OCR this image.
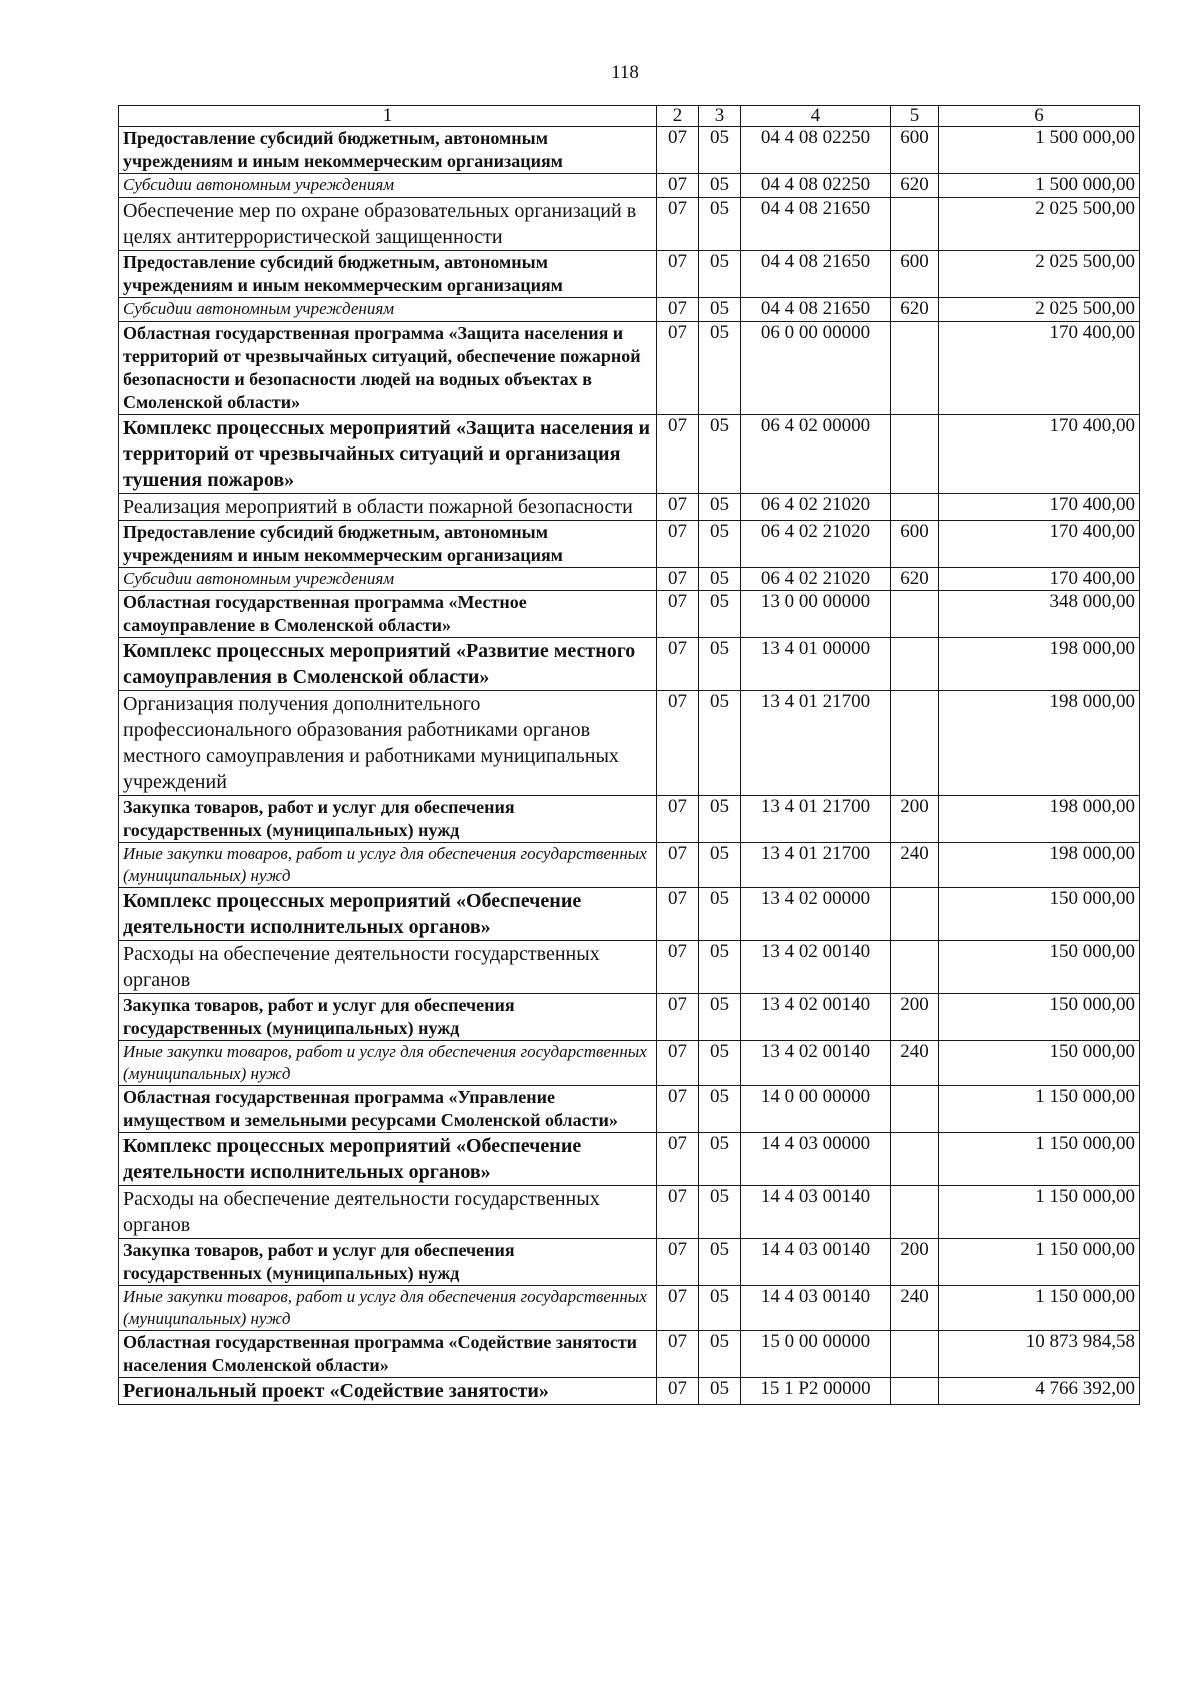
118
1	2	3	4	5	6
Предоставление субсидий бюджетным, автономным учреждениям и иным некоммерческим организациям	07	05	04 4 08 02250	600	1 500 000,00
Субсидии автономным учреждениям	07	05	04 4 08 02250	620	1 500 000,00
Обеспечение мер по охране образовательных организаций в целях антитеррористической защищенности	07	05	04 4 08 21650		2 025 500,00
Предоставление субсидий бюджетным, автономным учреждениям и иным некоммерческим организациям	07	05	04 4 08 21650	600	2 025 500,00
Субсидии автономным учреждениям	07	05	04 4 08 21650	620	2 025 500,00
Областная государственная программа «Защита населения и территорий от чрезвычайных ситуаций, обеспечение пожарной безопасности и безопасности людей на водных объектах в Смоленской области»	07	05	06 0 00 00000		170 400,00
Комплекс процессных мероприятий «Защита населения и территорий от чрезвычайных ситуаций и организация тушения пожаров»	07	05	06 4 02 00000		170 400,00
Реализация мероприятий в области пожарной безопасности	07	05	06 4 02 21020		170 400,00
Предоставление субсидий бюджетным, автономным учреждениям и иным некоммерческим организациям	07	05	06 4 02 21020	600	170 400,00
Субсидии автономным учреждениям	07	05	06 4 02 21020	620	170 400,00
Областная государственная программа «Местное самоуправление в Смоленской области»	07	05	13 0 00 00000		348 000,00
Комплекс процессных мероприятий «Развитие местного самоуправления в Смоленской области»	07	05	13 4 01 00000		198 000,00
Организация получения дополнительного профессионального образования работниками органов местного самоуправления и работниками муниципальных учреждений	07	05	13 4 01 21700		198 000,00
Закупка товаров, работ и услуг для обеспечения государственных (муниципальных) нужд	07	05	13 4 01 21700	200	198 000,00
Иные закупки товаров, работ и услуг для обеспечения государственных (муниципальных) нужд	07	05	13 4 01 21700	240	198 000,00
Комплекс процессных мероприятий «Обеспечение деятельности исполнительных органов»	07	05	13 4 02 00000		150 000,00
Расходы на обеспечение деятельности государственных органов	07	05	13 4 02 00140		150 000,00
Закупка товаров, работ и услуг для обеспечения государственных (муниципальных) нужд	07	05	13 4 02 00140	200	150 000,00
Иные закупки товаров, работ и услуг для обеспечения государственных (муниципальных) нужд	07	05	13 4 02 00140	240	150 000,00
Областная государственная программа «Управление имуществом и земельными ресурсами Смоленской области»	07	05	14 0 00 00000		1 150 000,00
Комплекс процессных мероприятий «Обеспечение деятельности исполнительных органов»	07	05	14 4 03 00000		1 150 000,00
Расходы на обеспечение деятельности государственных органов	07	05	14 4 03 00140		1 150 000,00
Закупка товаров, работ и услуг для обеспечения государственных (муниципальных) нужд	07	05	14 4 03 00140	200	1 150 000,00
Иные закупки товаров, работ и услуг для обеспечения государственных (муниципальных) нужд	07	05	14 4 03 00140	240	1 150 000,00
Областная государственная программа «Содействие занятости населения Смоленской области»	07	05	15 0 00 00000		10 873 984,58
Региональный проект «Содействие занятости»	07	05	15 1 P2 00000		4 766 392,00
